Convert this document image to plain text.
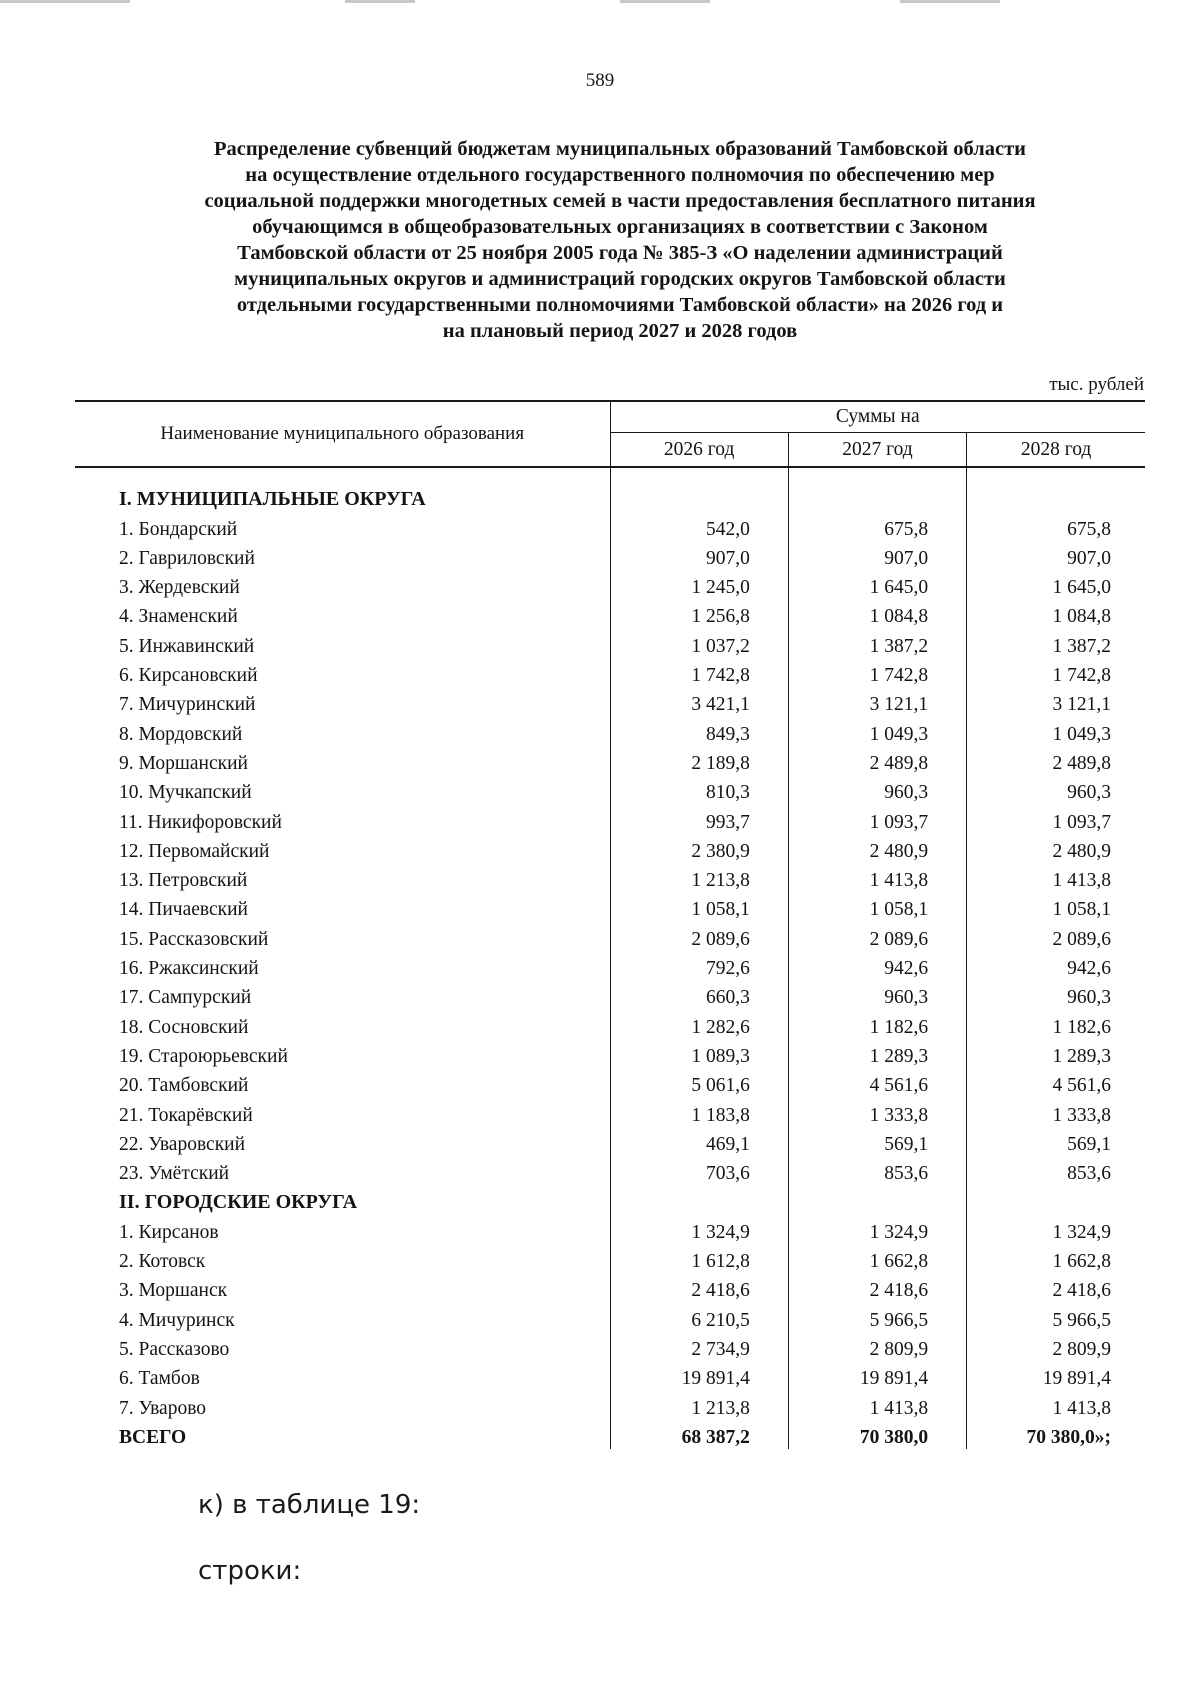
589
Распределение субвенций бюджетам муниципальных образований Тамбовской области
на осуществление отдельного государственного полномочия по обеспечению мер
социальной поддержки многодетных семей в части предоставления бесплатного питания
обучающимся в общеобразовательных организациях в соответствии с Законом
Тамбовской области от 25 ноября 2005 года № 385-З «О наделении администраций
муниципальных округов и администраций городских округов Тамбовской области
отдельными государственными полномочиями Тамбовской области» на 2026 год и
на плановый период 2027 и 2028 годов
тыс. рублей
Наименование муниципального образования	Суммы на		
	2026 год	2027 год	2028 год

I. МУНИЦИПАЛЬНЫЕ ОКРУГА			
1. Бондарский	542,0	675,8	675,8
2. Гавриловский	907,0	907,0	907,0
3. Жердевский	1 245,0	1 645,0	1 645,0
4. Знаменский	1 256,8	1 084,8	1 084,8
5. Инжавинский	1 037,2	1 387,2	1 387,2
6. Кирсановский	1 742,8	1 742,8	1 742,8
7. Мичуринский	3 421,1	3 121,1	3 121,1
8. Мордовский	849,3	1 049,3	1 049,3
9. Моршанский	2 189,8	2 489,8	2 489,8
10. Мучкапский	810,3	960,3	960,3
11. Никифоровский	993,7	1 093,7	1 093,7
12. Первомайский	2 380,9	2 480,9	2 480,9
13. Петровский	1 213,8	1 413,8	1 413,8
14. Пичаевский	1 058,1	1 058,1	1 058,1
15. Рассказовский	2 089,6	2 089,6	2 089,6
16. Ржаксинский	792,6	942,6	942,6
17. Сампурский	660,3	960,3	960,3
18. Сосновский	1 282,6	1 182,6	1 182,6
19. Староюрьевский	1 089,3	1 289,3	1 289,3
20. Тамбовский	5 061,6	4 561,6	4 561,6
21. Токарёвский	1 183,8	1 333,8	1 333,8
22. Уваровский	469,1	569,1	569,1
23. Умётский	703,6	853,6	853,6
II. ГОРОДСКИЕ ОКРУГА			
1. Кирсанов	1 324,9	1 324,9	1 324,9
2. Котовск	1 612,8	1 662,8	1 662,8
3. Моршанск	2 418,6	2 418,6	2 418,6
4. Мичуринск	6 210,5	5 966,5	5 966,5
5. Рассказово	2 734,9	2 809,9	2 809,9
6. Тамбов	19 891,4	19 891,4	19 891,4
7. Уварово	1 213,8	1 413,8	1 413,8
ВСЕГО	68 387,2	70 380,0	70 380,0»;
к) в таблице 19:
строки:
